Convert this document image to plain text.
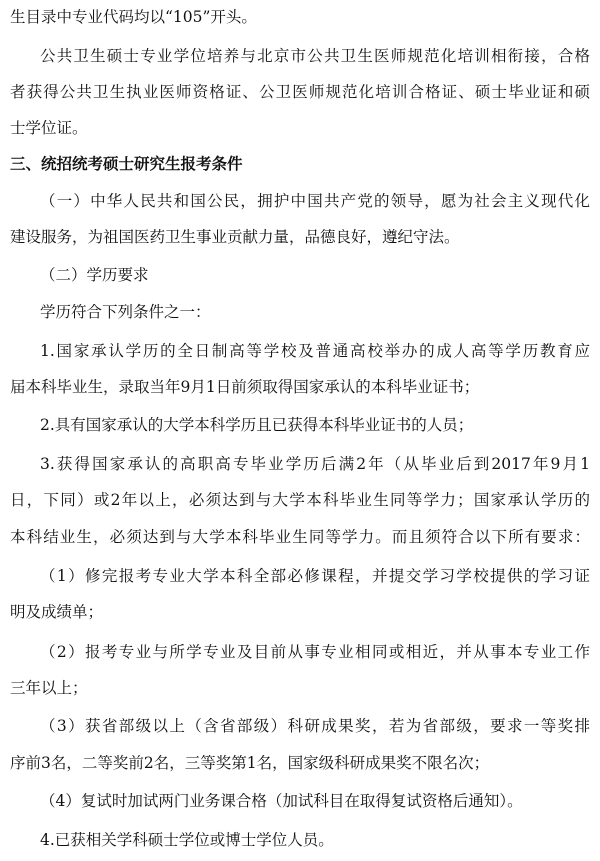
生目录中专业代码均以“105”开头。
公共卫生硕士专业学位培养与北京市公共卫生医师规范化培训相衔接，合格
者获得公共卫生执业医师资格证、公卫医师规范化培训合格证、硕士毕业证和硕
士学位证。
三、统招统考硕士研究生报考条件
（一）中华人民共和国公民，拥护中国共产党的领导，愿为社会主义现代化
建设服务，为祖国医药卫生事业贡献力量，品德良好，遵纪守法。
（二）学历要求
学历符合下列条件之一：
1.国家承认学历的全日制高等学校及普通高校举办的成人高等学历教育应
届本科毕业生，录取当年9月1日前须取得国家承认的本科毕业证书；
2.具有国家承认的大学本科学历且已获得本科毕业证书的人员；
3.获得国家承认的高职高专毕业学历后满2年（从毕业后到2017年9月1
日，下同）或2年以上，必须达到与大学本科毕业生同等学力；国家承认学历的
本科结业生，必须达到与大学本科毕业生同等学力。而且须符合以下所有要求：
（1）修完报考专业大学本科全部必修课程，并提交学习学校提供的学习证
明及成绩单；
（2）报考专业与所学专业及目前从事专业相同或相近，并从事本专业工作
三年以上；
（3）获省部级以上（含省部级）科研成果奖，若为省部级，要求一等奖排
序前3名，二等奖前2名，三等奖第1名，国家级科研成果奖不限名次；
（4）复试时加试两门业务课合格（加试科目在取得复试资格后通知）。
4.已获相关学科硕士学位或博士学位人员。
